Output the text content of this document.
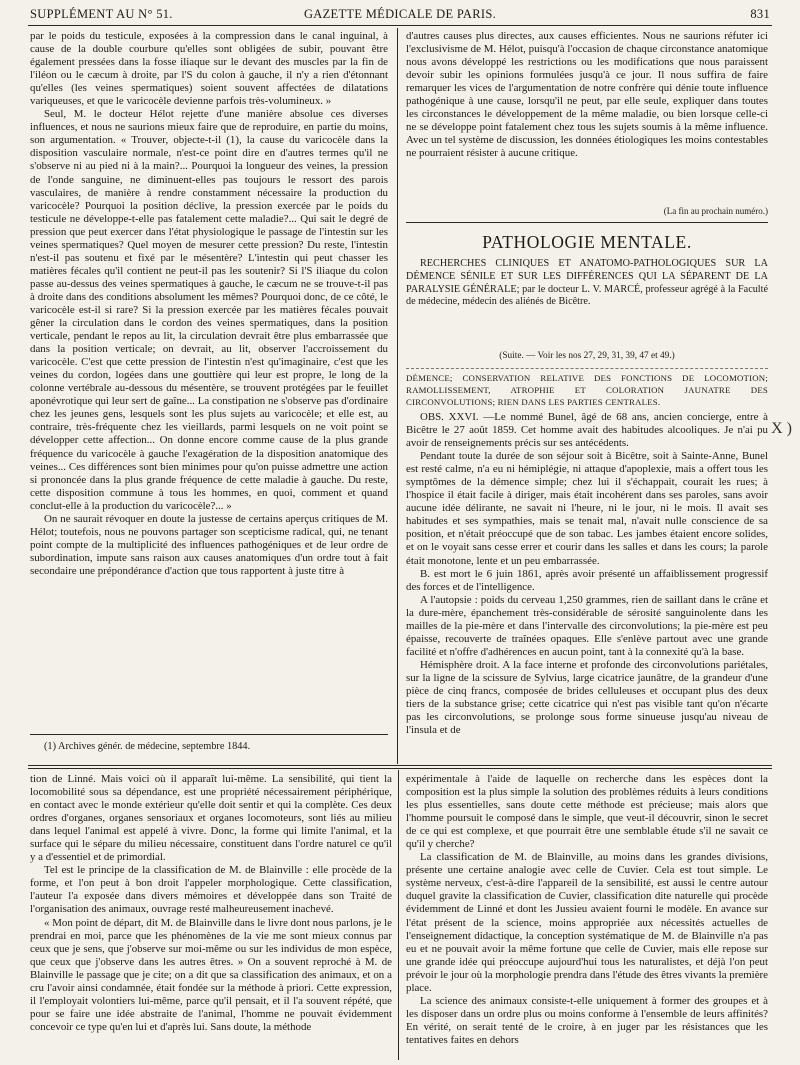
SUPPLÉMENT AU N° 51.	GAZETTE MÉDICALE DE PARIS.	831

par le poids du testicule, exposées à la compression dans le canal inguinal, à cause de la double courbure qu'elles sont obligées de subir, pouvant être également pressées dans la fosse iliaque sur le devant des muscles par la fin de l'iléon ou le cæcum à droite, par l'S du colon à gauche, il n'y a rien d'étonnant qu'elles (les veines spermatiques) soient souvent affectées de dilatations variqueuses, et que le varicocèle devienne parfois très-volumineux. »

Seul, M. le docteur Hélot rejette d'une manière absolue ces diverses influences, et nous ne saurions mieux faire que de reproduire, en partie du moins, son argumentation. « Trouver, objecte-t-il (1), la cause du varicocèle dans la disposition vasculaire normale, n'est-ce point dire en d'autres termes qu'il ne s'observe ni au pied ni à la main?... Pourquoi la longueur des veines, la pression de l'onde sanguine, ne diminuent-elles pas toujours le ressort des parois vasculaires, de manière à rendre constamment nécessaire la production du varicocèle? Pourquoi la position déclive, la pression exercée par le poids du testicule ne développe-t-elle pas fatalement cette maladie?... Qui sait le degré de pression que peut exercer dans l'état physiologique le passage de l'intestin sur les veines spermatiques? Quel moyen de mesurer cette pression? Du reste, l'intestin n'est-il pas soutenu et fixé par le mésentère? L'intestin qui peut chasser les matières fécales qu'il contient ne peut-il pas les soutenir? Si l'S iliaque du colon passe au-dessus des veines spermatiques à gauche, le cæcum ne se trouve-t-il pas à droite dans des conditions absolument les mêmes? Pourquoi donc, de ce côté, le varicocèle est-il si rare? Si la pression exercée par les matières fécales pouvait gêner la circulation dans le cordon des veines spermatiques, dans la position verticale, pendant le repos au lit, la circulation devrait être plus embarrassée que dans la position verticale; on devrait, au lit, observer l'accroissement du varicocèle. C'est que cette pression de l'intestin n'est qu'imaginaire, c'est que les veines du cordon, logées dans une gouttière qui leur est propre, le long de la colonne vertébrale au-dessous du mésentère, se trouvent protégées par le feuillet aponévrotique qui leur sert de gaîne... La constipation ne s'observe pas d'ordinaire chez les jeunes gens, lesquels sont les plus sujets au varicocèle; et elle est, au contraire, très-fréquente chez les vieillards, parmi lesquels on ne voit point se développer cette affection... On donne encore comme cause de la plus grande fréquence du varicocèle à gauche l'exagération de la disposition anatomique des veines... Ces différences sont bien minimes pour qu'on puisse admettre une action si prononcée dans la plus grande fréquence de cette maladie à gauche. Du reste, cette disposition commune à tous les hommes, en quoi, comment et quand conclut-elle à la production du varicocèle?... »

On ne saurait révoquer en doute la justesse de certains aperçus critiques de M. Hélot; toutefois, nous ne pouvons partager son scepticisme radical, qui, ne tenant point compte de la multiplicité des influences pathogéniques et de leur ordre de subordination, impute sans raison aux causes anatomiques d'un ordre tout à fait secondaire une prépondérance d'action que tous rapportent à juste titre à

(1) Archives génér. de médecine, septembre 1844.

d'autres causes plus directes, aux causes efficientes. Nous ne saurions réfuter ici l'exclusivisme de M. Hélot, puisqu'à l'occasion de chaque circonstance anatomique nous avons développé les restrictions ou les modifications que nous paraissent devoir subir les opinions formulées jusqu'à ce jour. Il nous suffira de faire remarquer les vices de l'argumentation de notre confrère qui dénie toute influence pathogénique à une cause, lorsqu'il ne peut, par elle seule, expliquer dans toutes les circonstances le développement de la même maladie, ou bien lorsque celle-ci ne se développe point fatalement chez tous les sujets soumis à la même influence. Avec un tel système de discussion, les données étiologiques les moins contestables ne pourraient résister à aucune critique.

(La fin au prochain numéro.)
PATHOLOGIE MENTALE.

RECHERCHES CLINIQUES ET ANATOMO-PATHOLOGIQUES SUR LA DÉMENCE SÉNILE ET SUR LES DIFFÉRENCES QUI LA SÉPARENT DE LA PARALYSIE GÉNÉRALE; par le docteur L. V. MARCÉ, professeur agrégé à la Faculté de médecine, médecin des aliénés de Bicêtre.

(Suite. — Voir les nos 27, 29, 31, 39, 47 et 49.)

DÉMENCE; CONSERVATION RELATIVE DES FONCTIONS DE LOCOMOTION; RAMOLLISSEMENT, ATROPHIE ET COLORATION JAUNATRE DES CIRCONVOLUTIONS; RIEN DANS LES PARTIES CENTRALES.

OBS. XXVI. —Le nommé Bunel, âgé de 68 ans, ancien concierge, entre à Bicêtre le 27 août 1859. Cet homme avait des habitudes alcooliques. Je n'ai pu avoir de renseignements précis sur ses antécédents.

Pendant toute la durée de son séjour soit à Bicêtre, soit à Sainte-Anne, Bunel est resté calme, n'a eu ni hémiplégie, ni attaque d'apoplexie, mais a offert tous les symptômes de la démence simple; chez lui il s'échappait, courait les rues; à l'hospice il était facile à diriger, mais était incohérent dans ses paroles, sans avoir aucune idée délirante, ne savait ni l'heure, ni le jour, ni le mois. Il avait ses habitudes et ses sympathies, mais se tenait mal, n'avait nulle conscience de sa position, et n'était préoccupé que de son tabac. Les jambes étaient encore solides, et on le voyait sans cesse errer et courir dans les salles et dans les cours; la parole était monotone, lente et un peu embarrassée.

B. est mort le 6 juin 1861, après avoir présenté un affaiblissement progressif des forces et de l'intelligence.

A l'autopsie : poids du cerveau 1,250 grammes, rien de saillant dans le crâne et la dure-mère, épanchement très-considérable de sérosité sanguinolente dans les mailles de la pie-mère et dans l'intervalle des circonvolutions; la pie-mère est peu épaisse, recouverte de traînées opaques. Elle s'enlève partout avec une grande facilité et n'offre d'adhérences en aucun point, tant à la connexité qu'à la base.

Hémisphère droit. A la face interne et profonde des circonvolutions pariétales, sur la ligne de la scissure de Sylvius, large cicatrice jaunâtre, de la grandeur d'une pièce de cinq francs, composée de brides celluleuses et occupant plus des deux tiers de la substance grise; cette cicatrice qui n'est pas visible tant qu'on n'écarte pas les circonvolutions, se prolonge sous forme sinueuse jusqu'au niveau de l'insula et de

X )

tion de Linné. Mais voici où il apparaît lui-même. La sensibilité, qui tient la locomobilité sous sa dépendance, est une propriété nécessairement périphérique, en contact avec le monde extérieur qu'elle doit sentir et qui la complète. Ces deux ordres d'organes, organes sensoriaux et organes locomoteurs, sont liés au milieu dans lequel l'animal est appelé à vivre. Donc, la forme qui limite l'animal, et la surface qui le sépare du milieu nécessaire, constituent dans l'ordre naturel ce qu'il y a d'essentiel et de primordial.

Tel est le principe de la classification de M. de Blainville : elle procède de la forme, et l'on peut à bon droit l'appeler morphologique. Cette classification, l'auteur l'a exposée dans divers mémoires et développée dans son Traité de l'organisation des animaux, ouvrage resté malheureusement inachevé.

« Mon point de départ, dit M. de Blainville dans le livre dont nous parlons, je le prendrai en moi, parce que les phénomènes de la vie me sont mieux connus par ceux que je sens, que j'observe sur moi-même ou sur les individus de mon espèce, que ceux que j'observe dans les autres êtres. » On a souvent reproché à M. de Blainville le passage que je cite; on a dit que sa classification des animaux, et on a cru l'avoir ainsi condamnée, était fondée sur la méthode à priori. Cette expression, il l'employait volontiers lui-même, parce qu'il pensait, et il l'a souvent répété, que pour se faire une idée abstraite de l'animal, l'homme ne pouvait évidemment concevoir ce type qu'en lui et d'après lui. Sans doute, la méthode

expérimentale à l'aide de laquelle on recherche dans les espèces dont la composition est la plus simple la solution des problèmes réduits à leurs conditions les plus essentielles, sans doute cette méthode est précieuse; mais alors que l'homme poursuit le composé dans le simple, que veut-il découvrir, sinon le secret de ce qui est complexe, et que pourrait être une semblable étude s'il ne savait ce qu'il y cherche?

La classification de M. de Blainville, au moins dans les grandes divisions, présente une certaine analogie avec celle de Cuvier. Cela est tout simple. Le système nerveux, c'est-à-dire l'appareil de la sensibilité, est aussi le centre autour duquel gravite la classification de Cuvier, classification dite naturelle qui procède évidemment de Linné et dont les Jussieu avaient fourni le modèle. En avance sur l'état présent de la science, moins appropriée aux nécessités actuelles de l'enseignement didactique, la conception systématique de M. de Blainville n'a pas eu et ne pouvait avoir la même fortune que celle de Cuvier, mais elle repose sur une grande idée qui préoccupe aujourd'hui tous les naturalistes, et déjà l'on peut prévoir le jour où la morphologie prendra dans l'étude des êtres vivants la première place.

La science des animaux consiste-t-elle uniquement à former des groupes et à les disposer dans un ordre plus ou moins conforme à l'ensemble de leurs affinités? En vérité, on serait tenté de le croire, à en juger par les résistances que les tentatives faites en dehors
